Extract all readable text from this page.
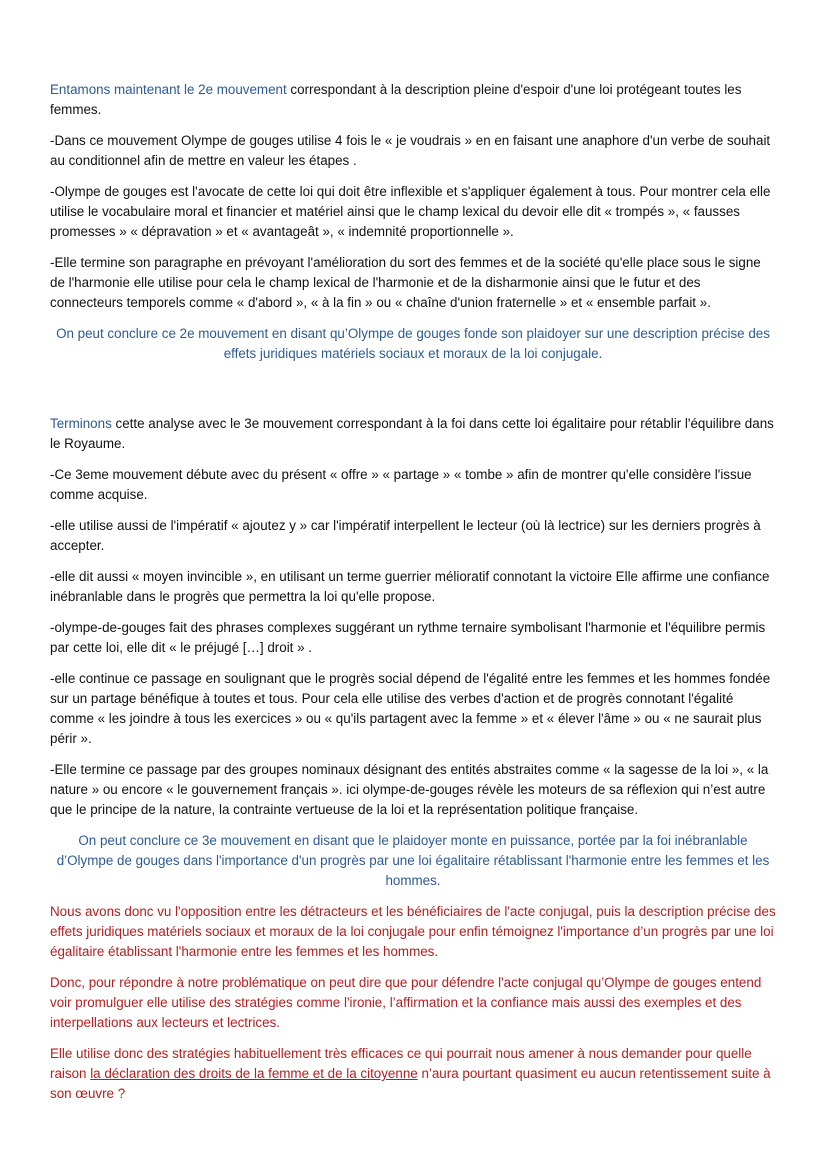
Entamons maintenant le 2e mouvement correspondant à la description pleine d'espoir d'une loi protégeant toutes les femmes.

-Dans ce mouvement Olympe de gouges utilise 4 fois le « je voudrais » en en faisant une anaphore d'un verbe de souhait au conditionnel afin de mettre en valeur les étapes .

-Olympe de gouges est l'avocate de cette loi qui doit être inflexible et s'appliquer également à tous. Pour montrer cela elle utilise le vocabulaire moral et financier et matériel ainsi que le champ lexical du devoir elle dit « trompés », « fausses promesses » « dépravation » et « avantageât », « indemnité proportionnelle ».

-Elle termine son paragraphe en prévoyant l'amélioration du sort des femmes et de la société qu'elle place sous le signe de l'harmonie elle utilise pour cela le champ lexical de l'harmonie et de la disharmonie ainsi que le futur et des connecteurs temporels comme « d'abord », « à la fin » ou « chaîne d'union fraternelle » et « ensemble parfait ».

On peut conclure ce 2e mouvement en disant qu’Olympe de gouges fonde son plaidoyer sur une description précise des effets juridiques matériels sociaux et moraux de la loi conjugale.

Terminons cette analyse avec le 3e mouvement correspondant à la foi dans cette loi égalitaire pour rétablir l'équilibre dans le Royaume.

-Ce 3eme mouvement débute avec du présent « offre » « partage » « tombe » afin de montrer qu'elle considère l'issue comme acquise.

-elle utilise aussi de l'impératif « ajoutez y » car l'impératif interpellent le lecteur (où là lectrice) sur les derniers progrès à accepter.

-elle dit aussi « moyen invincible », en utilisant un terme guerrier mélioratif connotant la victoire Elle affirme une confiance inébranlable dans le progrès que permettra la loi qu'elle propose.

-olympe-de-gouges fait des phrases complexes suggérant un rythme ternaire symbolisant l'harmonie et l'équilibre permis par cette loi, elle dit « le préjugé […] droit » .

-elle continue ce passage en soulignant que le progrès social dépend de l'égalité entre les femmes et les hommes fondée sur un partage bénéfique à toutes et tous. Pour cela elle utilise des verbes d'action et de progrès connotant l'égalité comme « les joindre à tous les exercices » ou « qu'ils partagent avec la femme » et « élever l'âme » ou « ne saurait plus périr ».

-Elle termine ce passage par des groupes nominaux désignant des entités abstraites comme « la sagesse de la loi », « la nature » ou encore « le gouvernement français ». ici olympe-de-gouges révèle les moteurs de sa réflexion qui n’est autre que le principe de la nature, la contrainte vertueuse de la loi et la représentation politique française.

On peut conclure ce 3e mouvement en disant que le plaidoyer monte en puissance, portée par la foi inébranlable d’Olympe de gouges dans l'importance d'un progrès par une loi égalitaire rétablissant l'harmonie entre les femmes et les hommes.

Nous avons donc vu l'opposition entre les détracteurs et les bénéficiaires de l'acte conjugal, puis la description précise des effets juridiques matériels sociaux et moraux de la loi conjugale pour enfin témoignez l'importance d’un progrès par une loi égalitaire établissant l'harmonie entre les femmes et les hommes.

Donc, pour répondre à notre problématique on peut dire que pour défendre l'acte conjugal qu’Olympe de gouges entend voir promulguer elle utilise des stratégies comme l'ironie, l’affirmation et la confiance mais aussi des exemples et des interpellations aux lecteurs et lectrices.

Elle utilise donc des stratégies habituellement très efficaces ce qui pourrait nous amener à nous demander pour quelle raison la déclaration des droits de la femme et de la citoyenne n’aura pourtant quasiment eu aucun retentissement suite à son œuvre ?
